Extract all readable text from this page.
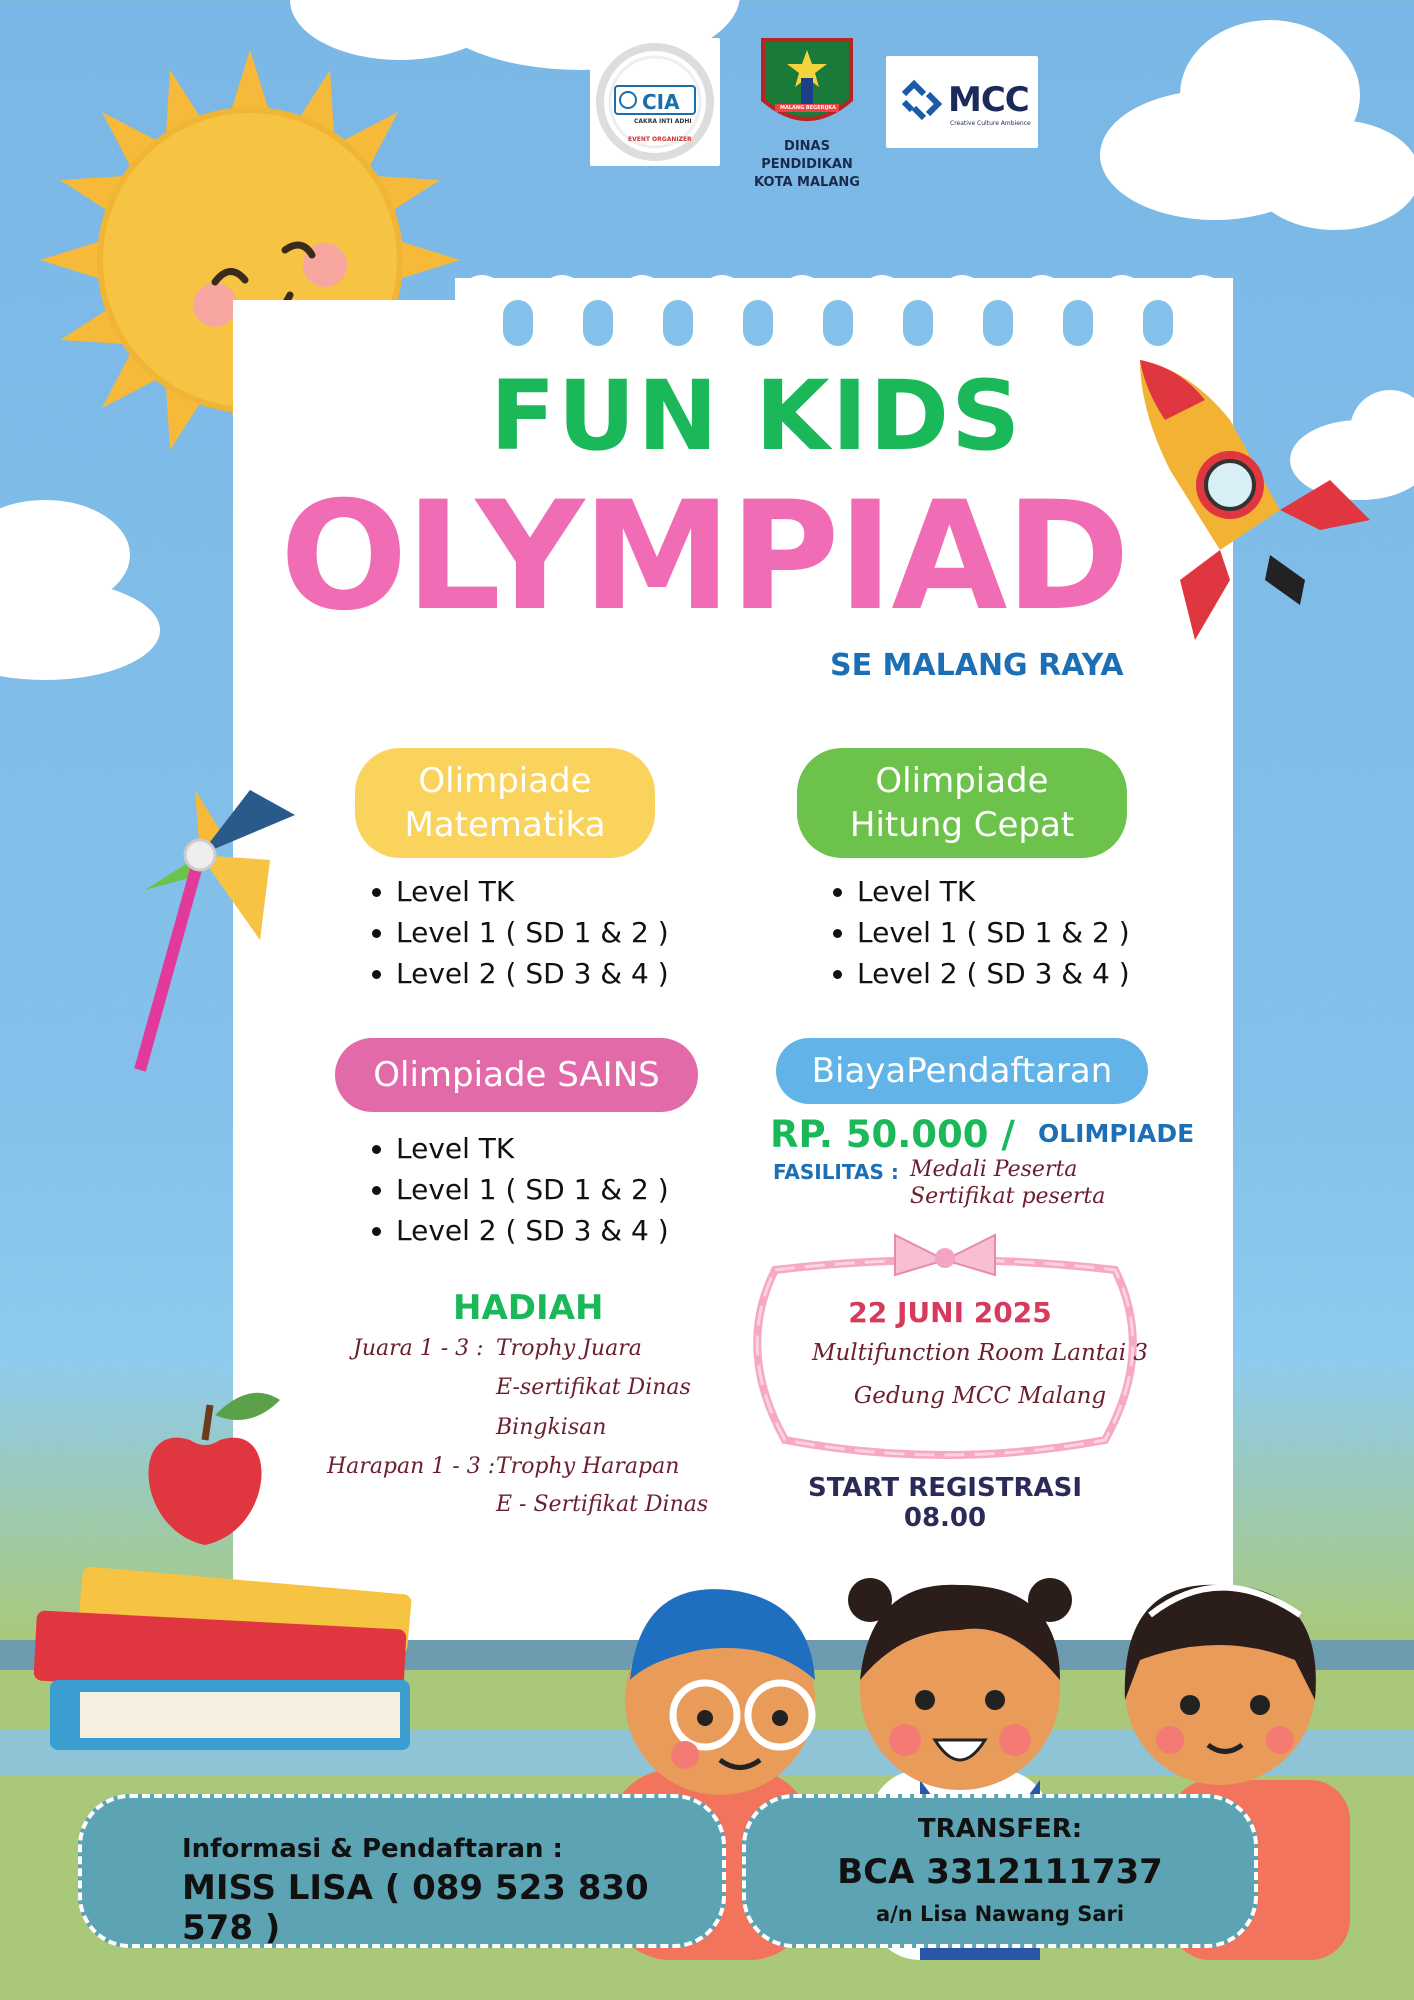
CIA
CAKRA INTI ADHI
EVENT ORGANIZER
MALANG BEGERIJKA
DINAS PENDIDIKAN
KOTA MALANG
MCC
Creative Culture Ambience
FUN KIDS
OLYMPIAD
SE MALANG RAYA
Olimpiade
Matematika
• Level TK
• Level 1 ( SD 1 & 2 )
• Level 2 ( SD 3 & 4 )
Olimpiade
Hitung Cepat
• Level TK
• Level 1 ( SD 1 & 2 )
• Level 2 ( SD 3 & 4 )
Olimpiade SAINS
• Level TK
• Level 1 ( SD 1 & 2 )
• Level 2 ( SD 3 & 4 )
BiayaPendaftaran
RP. 50.000 / OLIMPIADE
FASILITAS : Medali Peserta
Sertifikat peserta
HADIAH
Juara 1 - 3 : Trophy Juara
E-sertifikat Dinas
Bingkisan
Harapan 1 - 3 : Trophy Harapan
E - Sertifikat Dinas
22 JUNI 2025
Multifunction Room Lantai 3
Gedung MCC Malang
START REGISTRASI
08.00
Informasi & Pendaftaran :
MISS LISA ( 089 523 830 578 )
TRANSFER:
BCA 3312111737
a/n Lisa Nawang Sari
